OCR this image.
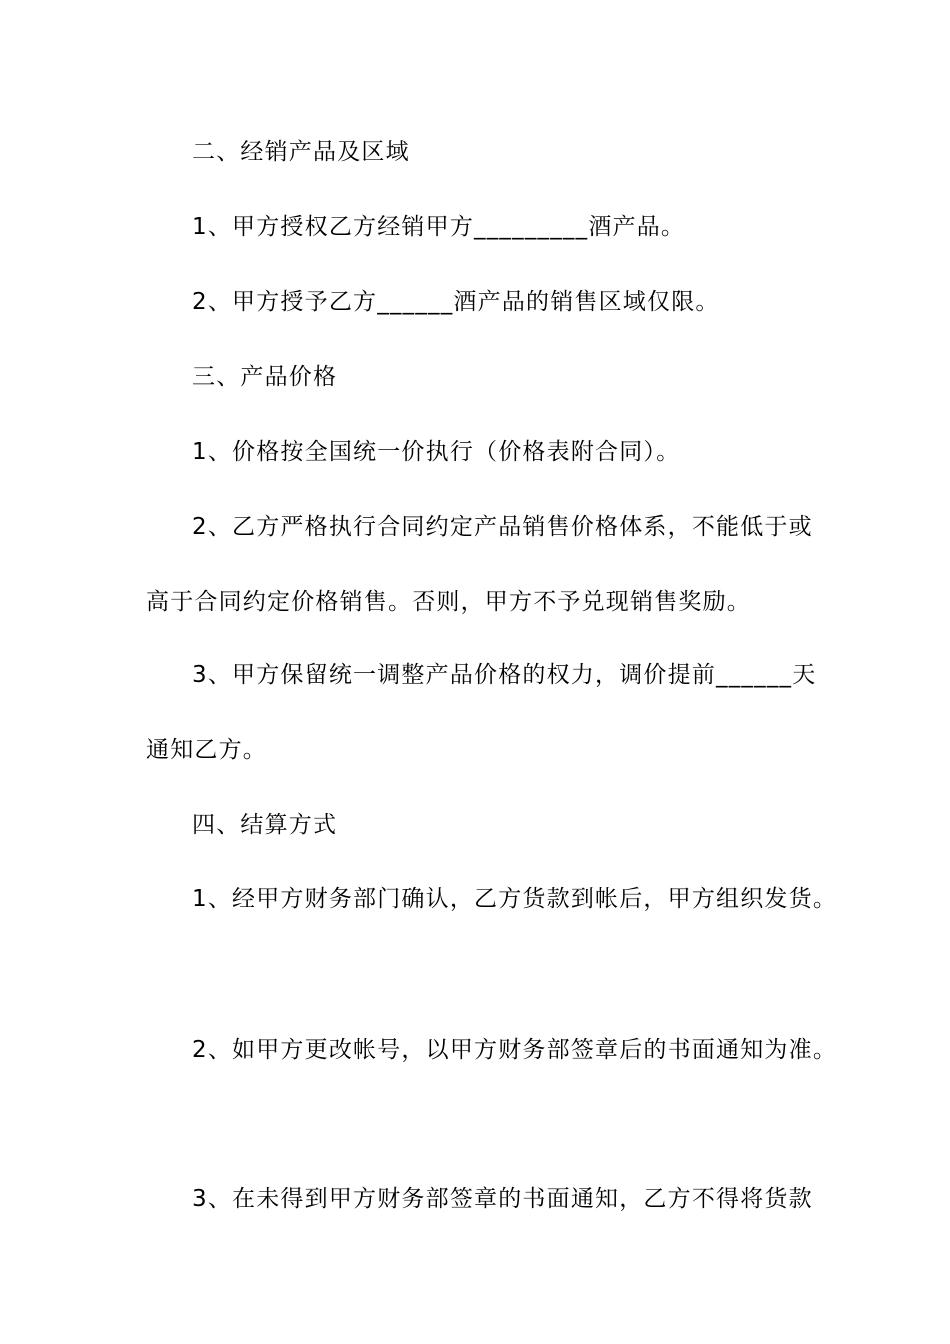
二、经销产品及区域
1、甲方授权乙方经销甲方_________酒产品。
2、甲方授予乙方______酒产品的销售区域仅限。
三、产品价格
1、价格按全国统一价执行（价格表附合同）。
2、乙方严格执行合同约定产品销售价格体系，不能低于或
高于合同约定价格销售。否则，甲方不予兑现销售奖励。
3、甲方保留统一调整产品价格的权力，调价提前______天
通知乙方。
四、结算方式
1、经甲方财务部门确认，乙方货款到帐后，甲方组织发货。
2、如甲方更改帐号，以甲方财务部签章后的书面通知为准。
3、在未得到甲方财务部签章的书面通知，乙方不得将货款
